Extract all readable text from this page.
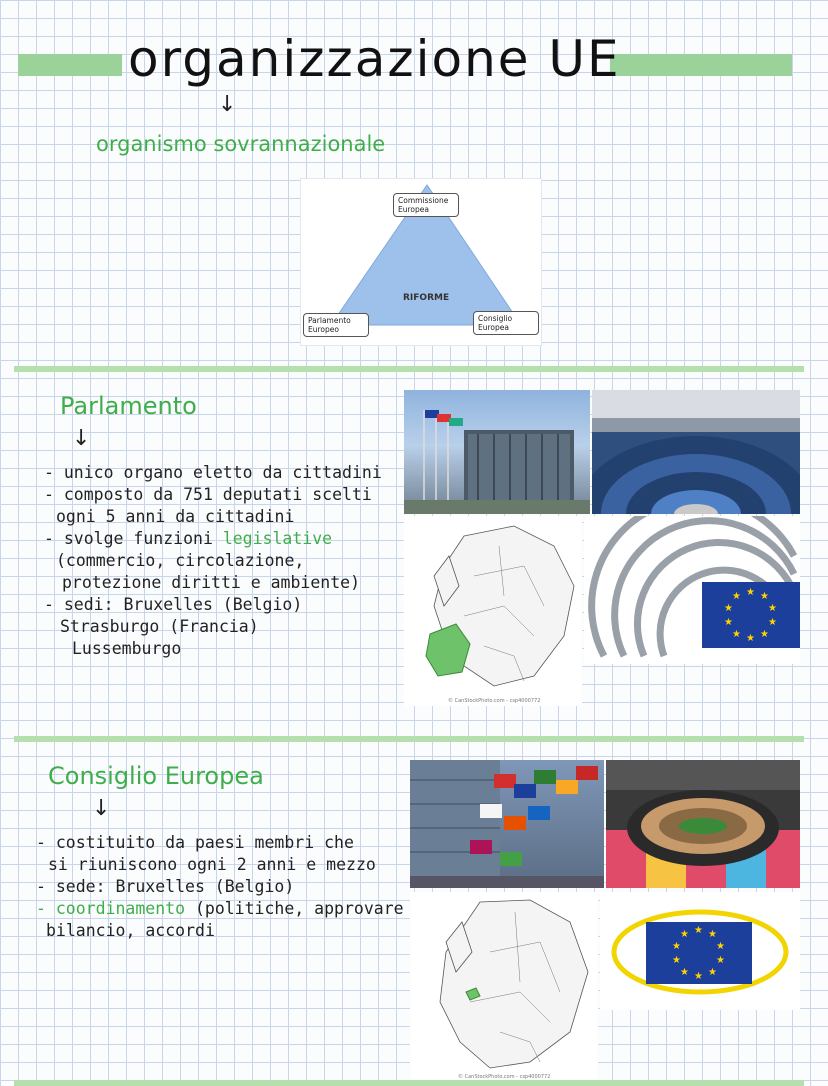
organizzazione UE
↓
organismo sovrannazionale
RIFORME
Commissione Europea
Parlamento Europeo
Consiglio Europea
Parlamento
↓
- unico organo eletto da cittadini
- composto da 751 deputati scelti
ogni 5 anni da cittadini
- svolge funzioni legislative
(commercio, circolazione,
protezione diritti e ambiente)
- sedi: Bruxelles (Belgio)
Strasburgo (Francia)
Lussemburgo
© CanStockPhoto.com - csp4000772
★ ★
★
★
★
★
★
★
★
★
Consiglio Europea
↓
- costituito da paesi membri che
si riuniscono ogni 2 anni e mezzo
- sede: Bruxelles (Belgio)
- coordinamento (politiche, approvare
bilancio, accordi
© CanStockPhoto.com - csp4000772
★ ★
★
★
★
★
★
★
★
★
